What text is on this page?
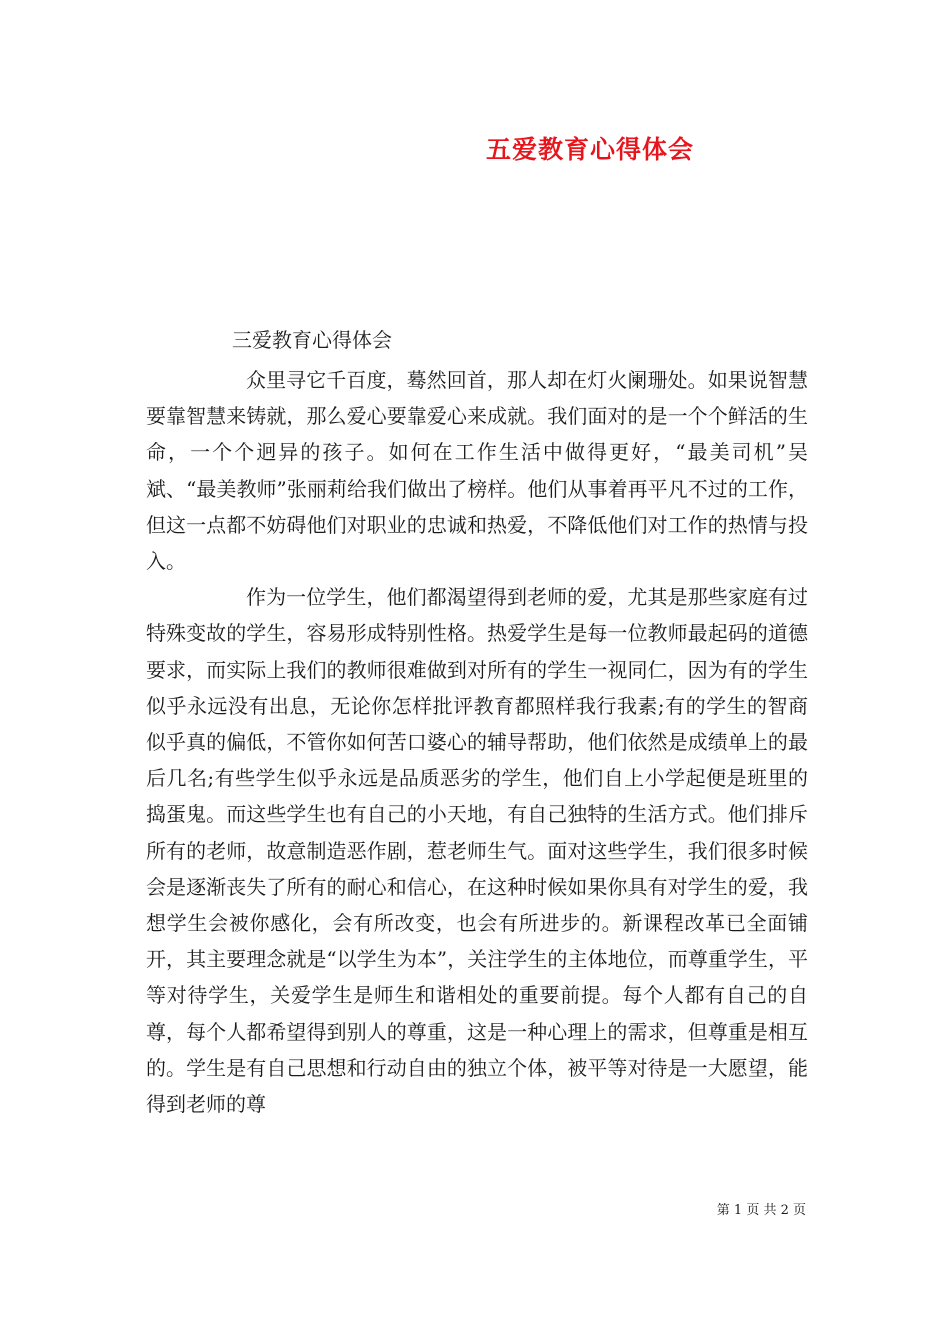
五爱教育心得体会
三爱教育心得体会

众里寻它千百度，蓦然回首，那人却在灯火阑珊处。如果说智慧要靠智慧来铸就，那么爱心要靠爱心来成就。我们面对的是一个个鲜活的生命，一个个迥异的孩子。如何在工作生活中做得更好，“最美司机”吴斌、“最美教师”张丽莉给我们做出了榜样。他们从事着再平凡不过的工作，但这一点都不妨碍他们对职业的忠诚和热爱，不降低他们对工作的热情与投入。

作为一位学生，他们都渴望得到老师的爱，尤其是那些家庭有过特殊变故的学生，容易形成特别性格。热爱学生是每一位教师最起码的道德要求，而实际上我们的教师很难做到对所有的学生一视同仁，因为有的学生似乎永远没有出息，无论你怎样批评教育都照样我行我素;有的学生的智商似乎真的偏低，不管你如何苦口婆心的辅导帮助，他们依然是成绩单上的最后几名;有些学生似乎永远是品质恶劣的学生，他们自上小学起便是班里的捣蛋鬼。而这些学生也有自己的小天地，有自己独特的生活方式。他们排斥所有的老师，故意制造恶作剧，惹老师生气。面对这些学生，我们很多时候会是逐渐丧失了所有的耐心和信心，在这种时候如果你具有对学生的爱，我想学生会被你感化，会有所改变，也会有所进步的。新课程改革已全面铺开，其主要理念就是“以学生为本”，关注学生的主体地位，而尊重学生，平等对待学生，关爱学生是师生和谐相处的重要前提。每个人都有自己的自尊，每个人都希望得到别人的尊重，这是一种心理上的需求，但尊重是相互的。学生是有自己思想和行动自由的独立个体，被平等对待是一大愿望，能得到老师的尊

第 1 页 共 2 页
